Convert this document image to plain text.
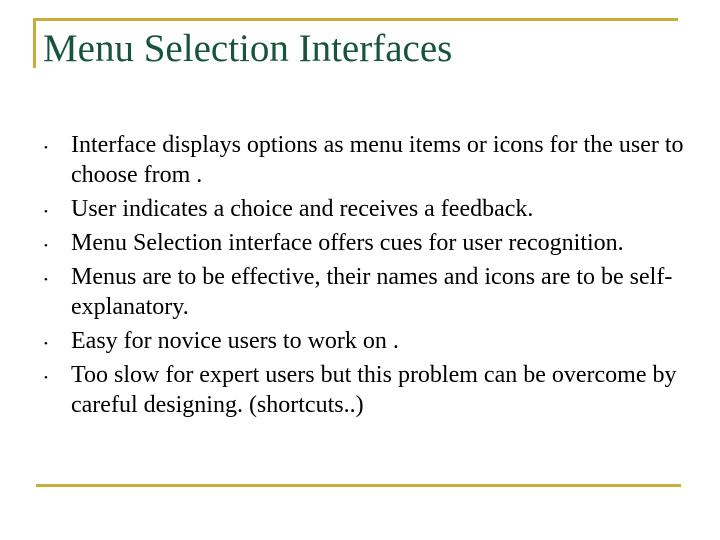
Menu Selection Interfaces
• Interface displays options as menu items or icons for the user to choose from .
• User indicates a choice and receives a feedback.
• Menu Selection interface offers cues for user recognition.
• Menus are to be effective, their names and icons are to be self-explanatory.
• Easy for novice users to work on .
• Too slow for expert users but this problem can be overcome by careful designing. (shortcuts..)
